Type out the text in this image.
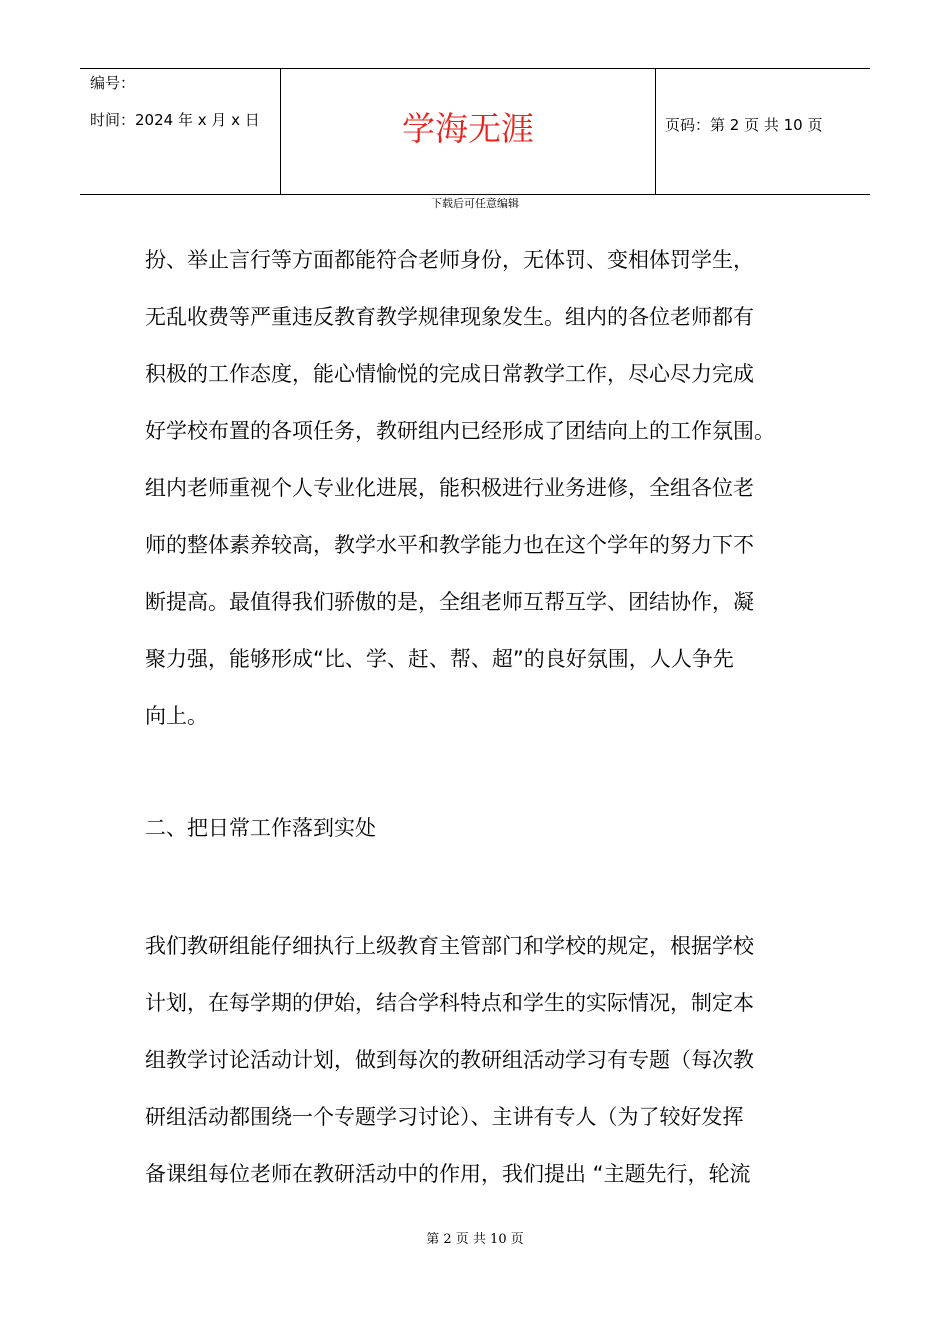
编号：
时间：2024 年 x 月 x 日	学海无涯	页码：第 2 页 共 10 页
下载后可任意编辑
扮、举止言行等方面都能符合老师身份，无体罚、变相体罚学生，
无乱收费等严重违反教育教学规律现象发生。组内的各位老师都有
积极的工作态度，能心情愉悦的完成日常教学工作，尽心尽力完成
好学校布置的各项任务，教研组内已经形成了团结向上的工作氛围。
组内老师重视个人专业化进展，能积极进行业务进修，全组各位老
师的整体素养较高，教学水平和教学能力也在这个学年的努力下不
断提高。最值得我们骄傲的是，全组老师互帮互学、团结协作，凝
聚力强，能够形成“比、学、赶、帮、超”的良好氛围，人人争先
向上。
二、把日常工作落到实处
我们教研组能仔细执行上级教育主管部门和学校的规定，根据学校
计划，在每学期的伊始，结合学科特点和学生的实际情况，制定本
组教学讨论活动计划，做到每次的教研组活动学习有专题（每次教
研组活动都围绕一个专题学习讨论）、主讲有专人（为了较好发挥
备课组每位老师在教研活动中的作用，我们提出 “主题先行，轮流
第 2 页 共 10 页
